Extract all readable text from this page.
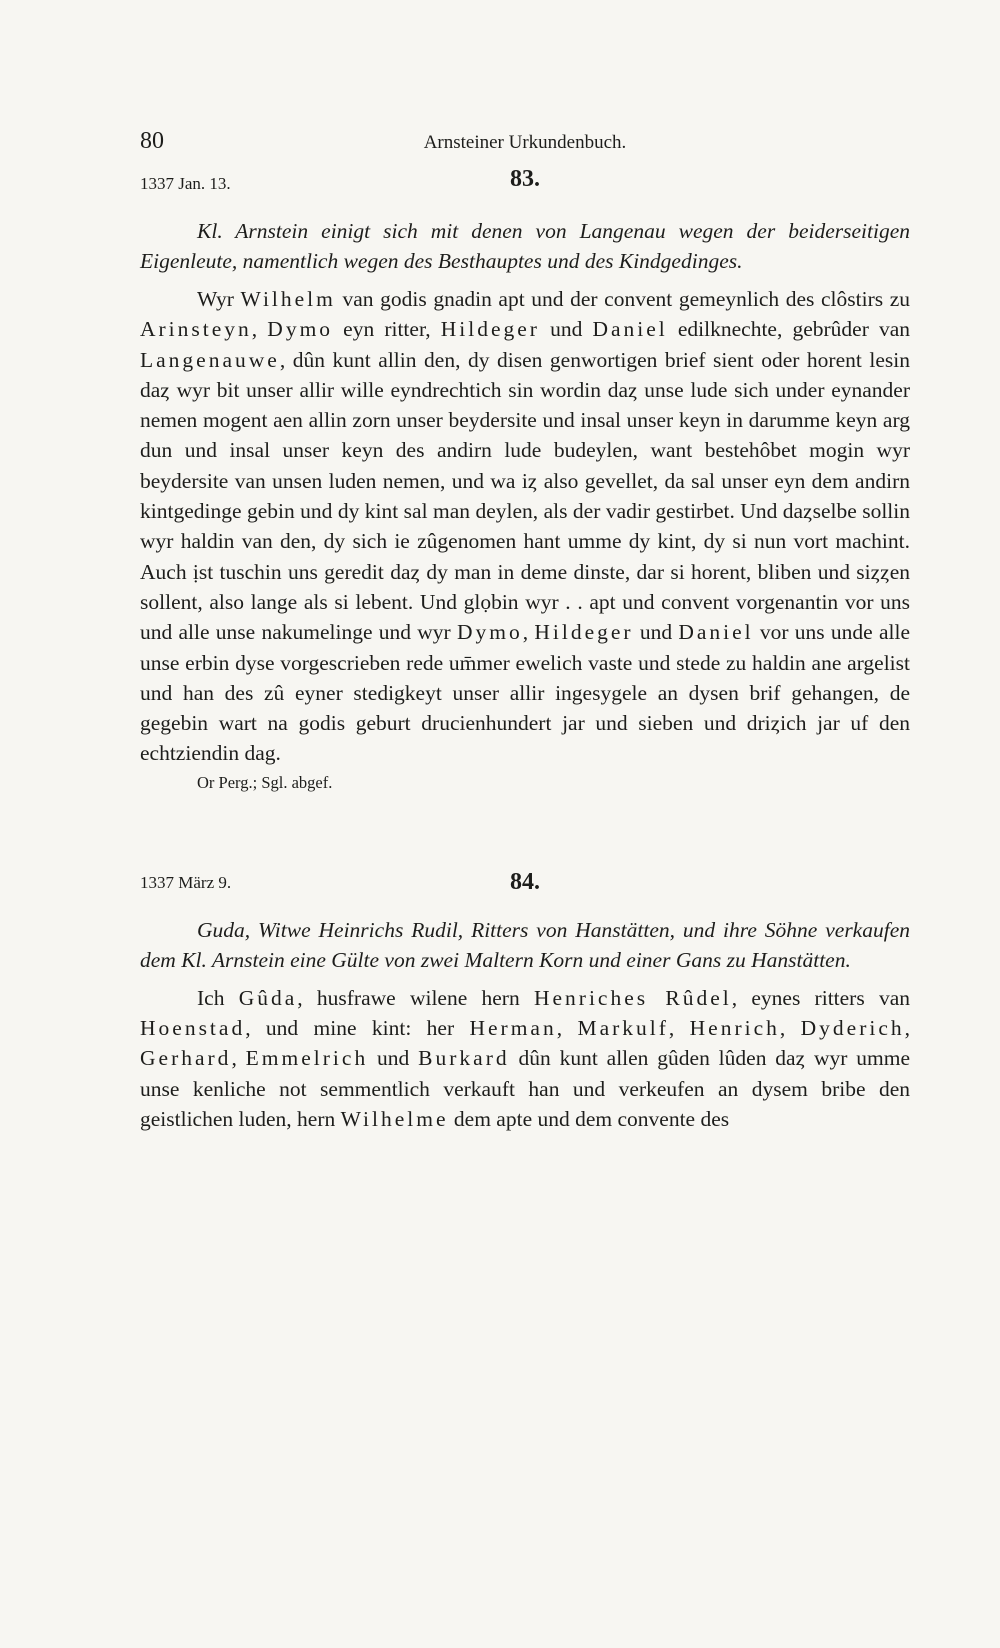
80	Arnsteiner Urkundenbuch.
1337 Jan. 13.	83.

Kl. Arnstein einigt sich mit denen von Langenau wegen der beiderseitigen Eigenleute, namentlich wegen des Besthauptes und des Kindgedinges.

Wyr Wilhelm van godis gnadin apt und der convent gemeynlich des clôstirs zu Arinsteyn, Dymo eyn ritter, Hildeger und Daniel edilknechte, gebrûder van Langenauwe, dûn kunt allin den, dy disen genwortigen brief sient oder horent lesin daȥ wyr bit unser allir wille eyndrechtich sin wordin daȥ unse lude sich under eynander nemen mogent aen allin zorn unser beydersite und insal unser keyn in darumme keyn arg dun und insal unser keyn des andirn lude budeylen, want bestehôbet mogin wyr beydersite van unsen luden nemen, und wa iȥ also gevellet, da sal unser eyn dem andirn kintgedinge gebin und dy kint sal man deylen, als der vadir gestirbet. Und daȥselbe sollin wyr haldin van den, dy sich ie zûgenomen hant umme dy kint, dy si nun vort machint. Auch ịst tuschin uns geredit daȥ dy man in deme dinste, dar si horent, bliben und siȥȥen sollent, also lange als si lebent. Und glọbin wyr . . apt und convent vorgenantin vor uns und alle unse nakumelinge und wyr Dymo, Hildeger und Daniel vor uns unde alle unse erbin dyse vorgescrieben rede um̄mer ewelich vaste und stede zu haldin ane argelist und han des zû eyner stedigkeyt unser allir ingesygele an dysen brif gehangen, de gegebin wart na godis geburt drucienhundert jar und sieben und driȥich jar uf den echtziendin dag.

Or Perg.; Sgl. abgef.
1337 März 9.	84.

Guda, Witwe Heinrichs Rudil, Ritters von Hanstätten, und ihre Söhne verkaufen dem Kl. Arnstein eine Gülte von zwei Maltern Korn und einer Gans zu Hanstätten.

Ich Gûda, husfrawe wilene hern Henriches Rûdel, eynes ritters van Hoenstad, und mine kint: her Herman, Markulf, Henrich, Dyderich, Gerhard, Emmelrich und Burkard dûn kunt allen gûden lûden daȥ wyr umme unse kenliche not semmentlich verkauft han und verkeufen an dysem bribe den geistlichen luden, hern Wilhelme dem apte und dem convente des
